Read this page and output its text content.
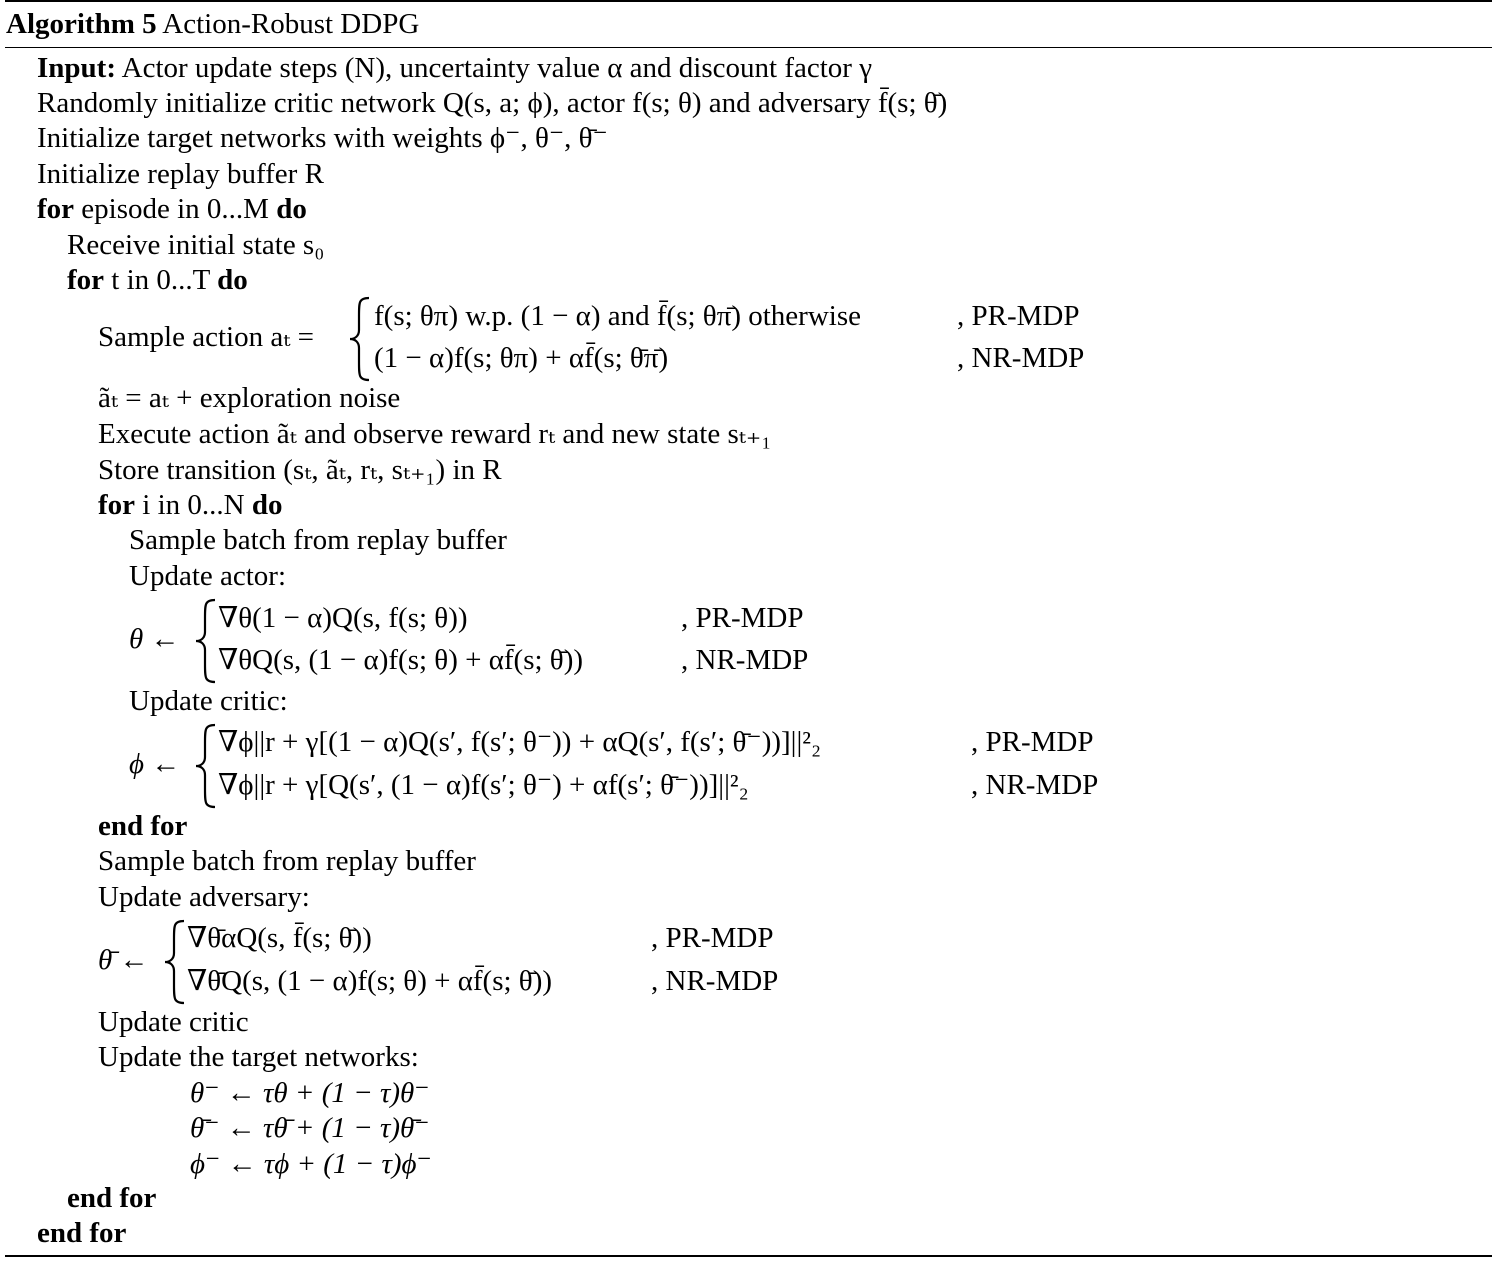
Algorithm 5 Action-Robust DDPG
Input: Actor update steps (N), uncertainty value α and discount factor γ
Randomly initialize critic network Q(s, a; ϕ), actor f(s; θ) and adversary f̄(s; θ̄)
Initialize target networks with weights ϕ⁻, θ⁻, θ̄⁻
Initialize replay buffer R
for episode in 0...M do
Receive initial state s₀
for t in 0...T do
Sample action aₜ =
f(s; θπ) w.p. (1 − α) and f̄(s; θπ̄) otherwise	, PR-MDP
(1 − α)f(s; θπ) + αf̄(s; θ̄π̄)	, NR-MDP
ãₜ = aₜ + exploration noise
Execute action ãₜ and observe reward rₜ and new state sₜ₊₁
Store transition (sₜ, ãₜ, rₜ, sₜ₊₁) in R
for i in 0...N do
Sample batch from replay buffer
Update actor:
θ ←
∇θ(1 − α)Q(s, f(s; θ))	, PR-MDP
∇θQ(s, (1 − α)f(s; θ) + αf̄(s; θ̄))	, NR-MDP
Update critic:
ϕ ←
∇ϕ||r + γ[(1 − α)Q(s′, f(s′; θ⁻)) + αQ(s′, f(s′; θ̄⁻))]||²₂	, PR-MDP
∇ϕ||r + γ[Q(s′, (1 − α)f(s′; θ⁻) + αf(s′; θ̄⁻))]||²₂	, NR-MDP
end for
Sample batch from replay buffer
Update adversary:
θ̄ ←
∇θ̄αQ(s, f̄(s; θ̄))	, PR-MDP
∇θ̄Q(s, (1 − α)f(s; θ) + αf̄(s; θ̄))	, NR-MDP
Update critic
Update the target networks:
θ⁻ ← τθ + (1 − τ)θ⁻
θ̄⁻ ← τθ̄ + (1 − τ)θ̄⁻
ϕ⁻ ← τϕ + (1 − τ)ϕ⁻
end for
end for
